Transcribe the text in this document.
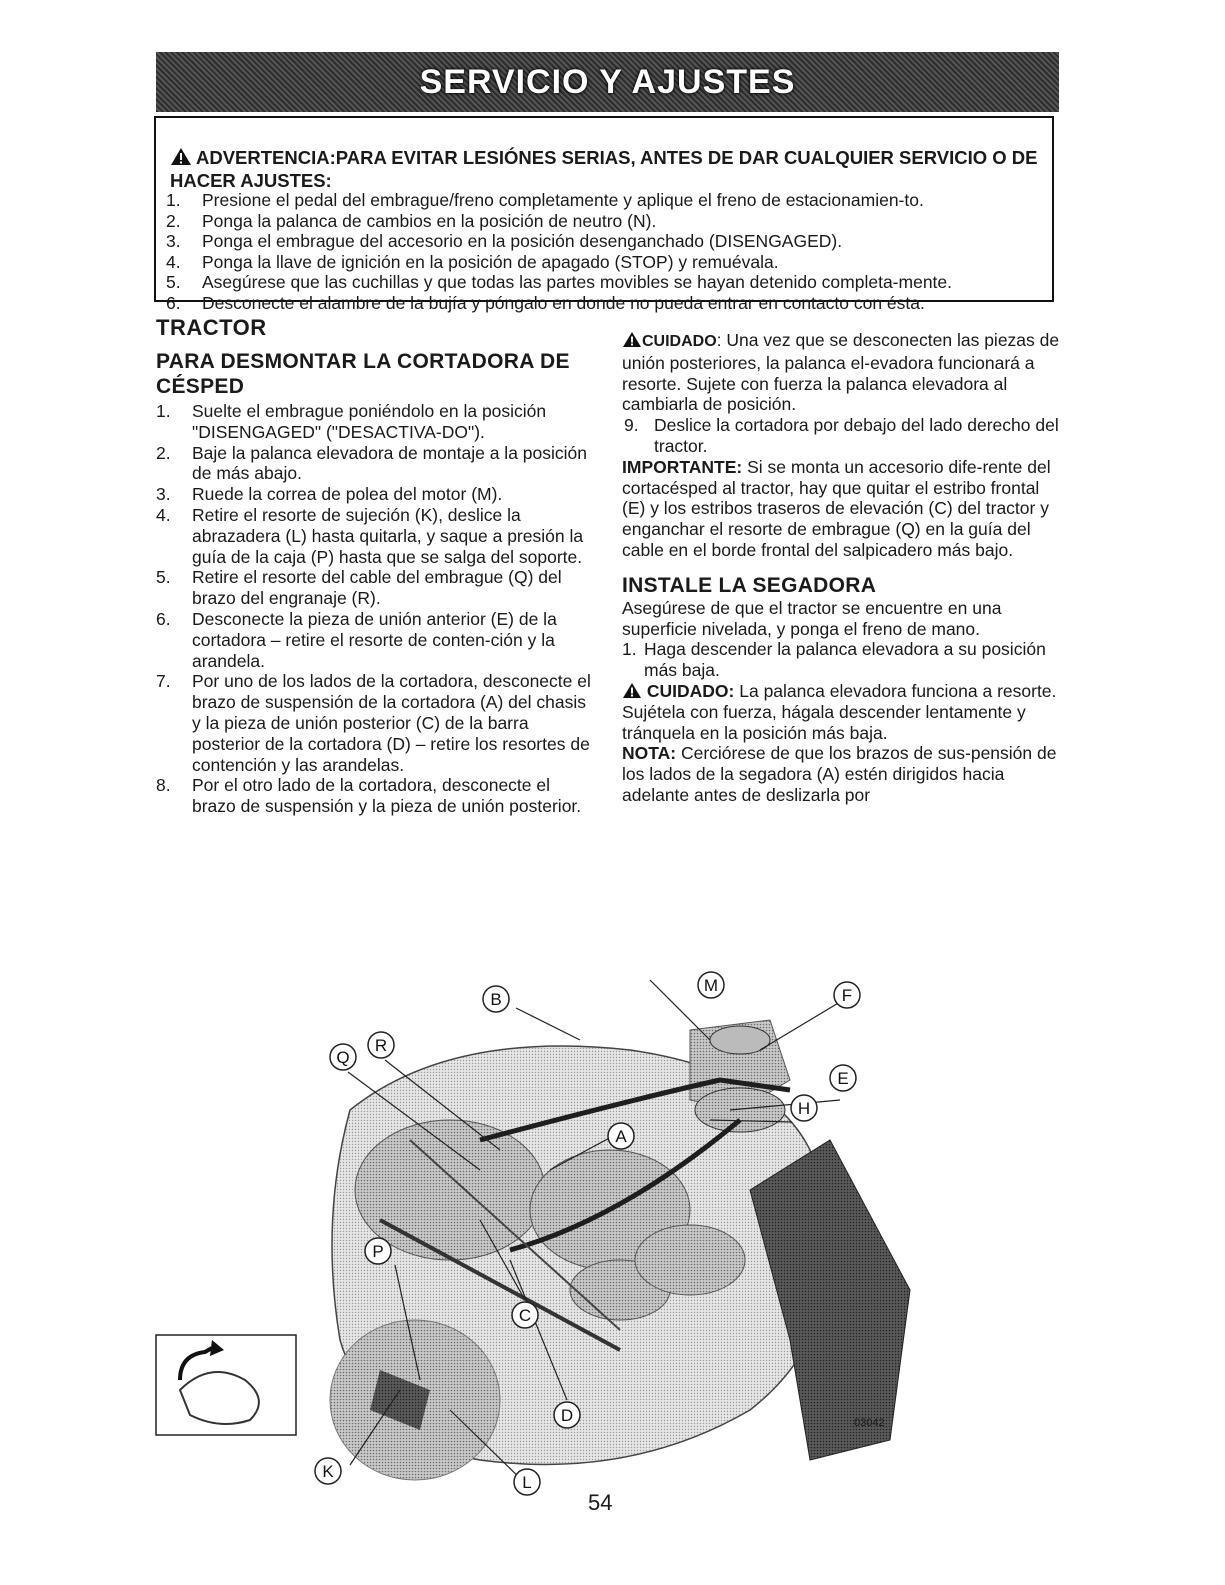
SERVICIO Y AJUSTES
ADVERTENCIA:PARA EVITAR LESIÓNES SERIAS, ANTES DE DAR CUALQUIER SERVICIO O DE HACER AJUSTES:
1.	Presione el pedal del embrague/freno completamente y aplique el freno de estacionamien-to.
2.	Ponga la palanca de cambios en la posición de neutro (N).
3.	Ponga el embrague del accesorio en la posición desenganchado (DISENGAGED).
4.	Ponga la llave de ignición en la posición de apagado (STOP) y remuévala.
5.	Asegúrese que las cuchillas y que todas las partes movibles se hayan detenido completa-mente.
6.	Desconecte el alambre de la bujía y póngalo en donde no pueda entrar en contacto con ésta.
TRACTOR
PARA DESMONTAR LA CORTADORA DE CÉSPED
1.	Suelte el embrague poniéndolo en la posición "DISENGAGED" ("DESACTIVA-DO").
2.	Baje la palanca elevadora de montaje a la posición de más abajo.
3.	Ruede la correa de polea del motor (M).
4.	Retire el resorte de sujeción (K), deslice la abrazadera (L) hasta quitarla, y saque a presión la guía de la caja (P) hasta que se salga del soporte.
5.	Retire el resorte del cable del embrague (Q) del brazo del engranaje (R).
6.	Desconecte la pieza de unión anterior (E) de la cortadora – retire el resorte de conten-ción y la arandela.
7.	Por uno de los lados de la cortadora, desconecte el brazo de suspensión de la cortadora (A) del chasis y la pieza de unión posterior (C) de la barra posterior de la cortadora (D) – retire los resortes de contención y las arandelas.
8.	Por el otro lado de la cortadora, desconecte el brazo de suspensión y la pieza de unión posterior.
CUIDADO: Una vez que se desconecten las piezas de unión posteriores, la palanca el-evadora funcionará a resorte. Sujete con fuerza la palanca elevadora al cambiarla de posición.
9. Deslice la cortadora por debajo del lado derecho del tractor.
IMPORTANTE: Si se monta un accesorio dife-rente del cortacésped al tractor, hay que quitar el estribo frontal (E) y los estribos traseros de elevación (C) del tractor y enganchar el resorte de embrague (Q) en la guía del cable en el borde frontal del salpicadero más bajo.
INSTALE LA SEGADORA
Asegúrese de que el tractor se encuentre en una superficie nivelada, y ponga el freno de mano.
1. Haga descender la palanca elevadora a su posición más baja.
CUIDADO: La palanca elevadora funciona a resorte. Sujétela con fuerza, hágala descender lentamente y tránquela en la posición más baja.
NOTA: Cerciórese de que los brazos de sus-pensión de los lados de la segadora (A) estén dirigidos hacia adelante antes de deslizarla por
M
F
B
Q
R
E
H
A
P
C
D
K
L
03042
54
